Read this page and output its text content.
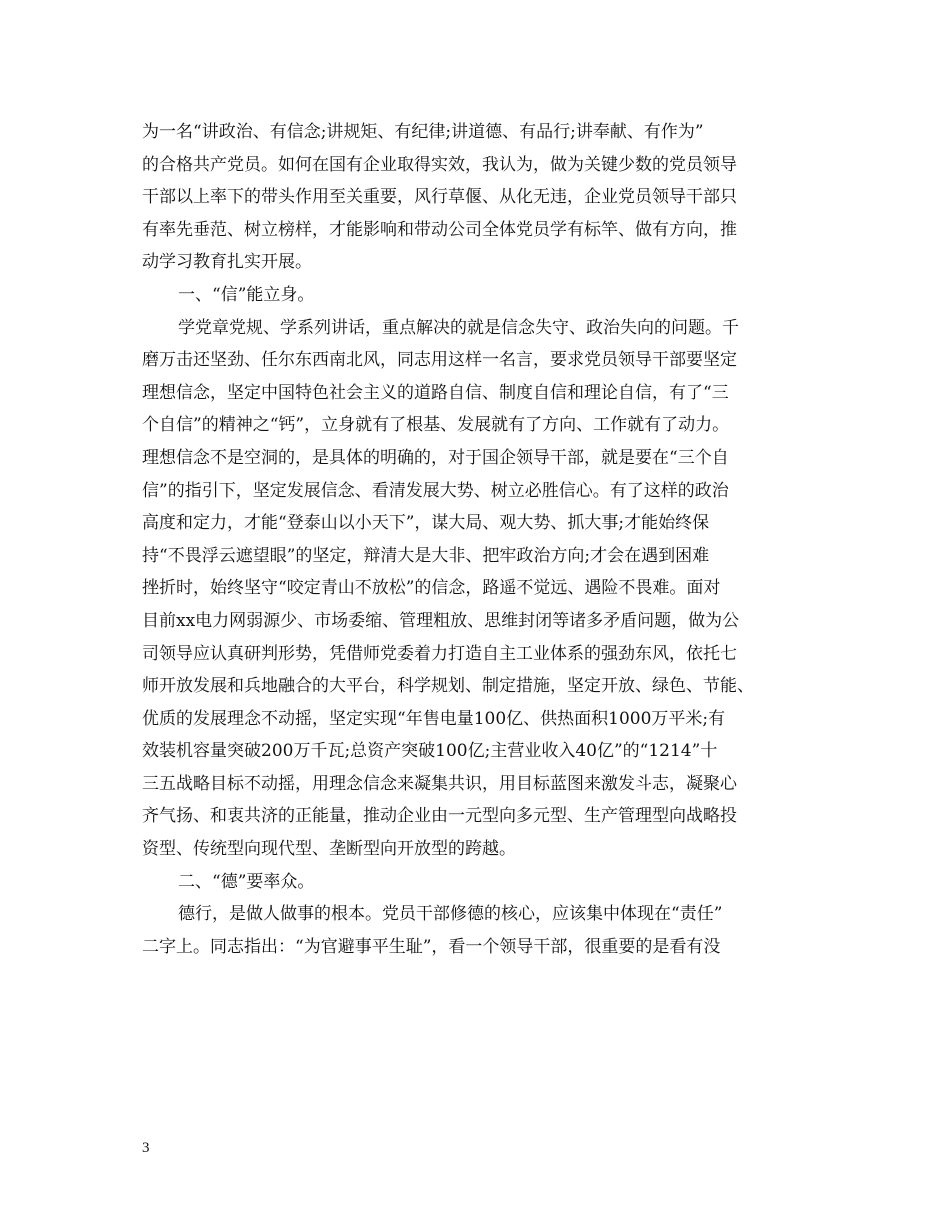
为一名“讲政治、有信念;讲规矩、有纪律;讲道德、有品行;讲奉献、有作为”
的合格共产党员。如何在国有企业取得实效，我认为，做为关键少数的党员领导
干部以上率下的带头作用至关重要，风行草偃、从化无违，企业党员领导干部只
有率先垂范、树立榜样，才能影响和带动公司全体党员学有标竿、做有方向，推
动学习教育扎实开展。
一、“信”能立身。
学党章党规、学系列讲话，重点解决的就是信念失守、政治失向的问题。千
磨万击还坚劲、任尔东西南北风，同志用这样一名言，要求党员领导干部要坚定
理想信念，坚定中国特色社会主义的道路自信、制度自信和理论自信，有了“三
个自信”的精神之“钙”，立身就有了根基、发展就有了方向、工作就有了动力。
理想信念不是空洞的，是具体的明确的，对于国企领导干部，就是要在“三个自
信”的指引下，坚定发展信念、看清发展大势、树立必胜信心。有了这样的政治
高度和定力，才能“登泰山以小天下”，谋大局、观大势、抓大事;才能始终保
持“不畏浮云遮望眼”的坚定，辩清大是大非、把牢政治方向;才会在遇到困难
挫折时，始终坚守“咬定青山不放松”的信念，路遥不觉远、遇险不畏难。面对
目前xx电力网弱源少、市场委缩、管理粗放、思维封闭等诸多矛盾问题，做为公
司领导应认真研判形势，凭借师党委着力打造自主工业体系的强劲东风，依托七
师开放发展和兵地融合的大平台，科学规划、制定措施，坚定开放、绿色、节能、
优质的发展理念不动摇，坚定实现“年售电量100亿、供热面积1000万平米;有
效装机容量突破200万千瓦;总资产突破100亿;主营业收入40亿”的“1214”十
三五战略目标不动摇，用理念信念来凝集共识，用目标蓝图来激发斗志，凝聚心
齐气扬、和衷共济的正能量，推动企业由一元型向多元型、生产管理型向战略投
资型、传统型向现代型、垄断型向开放型的跨越。
二、“德”要率众。
德行，是做人做事的根本。党员干部修德的核心，应该集中体现在“责任”
二字上。同志指出：“为官避事平生耻”，看一个领导干部，很重要的是看有没
3
